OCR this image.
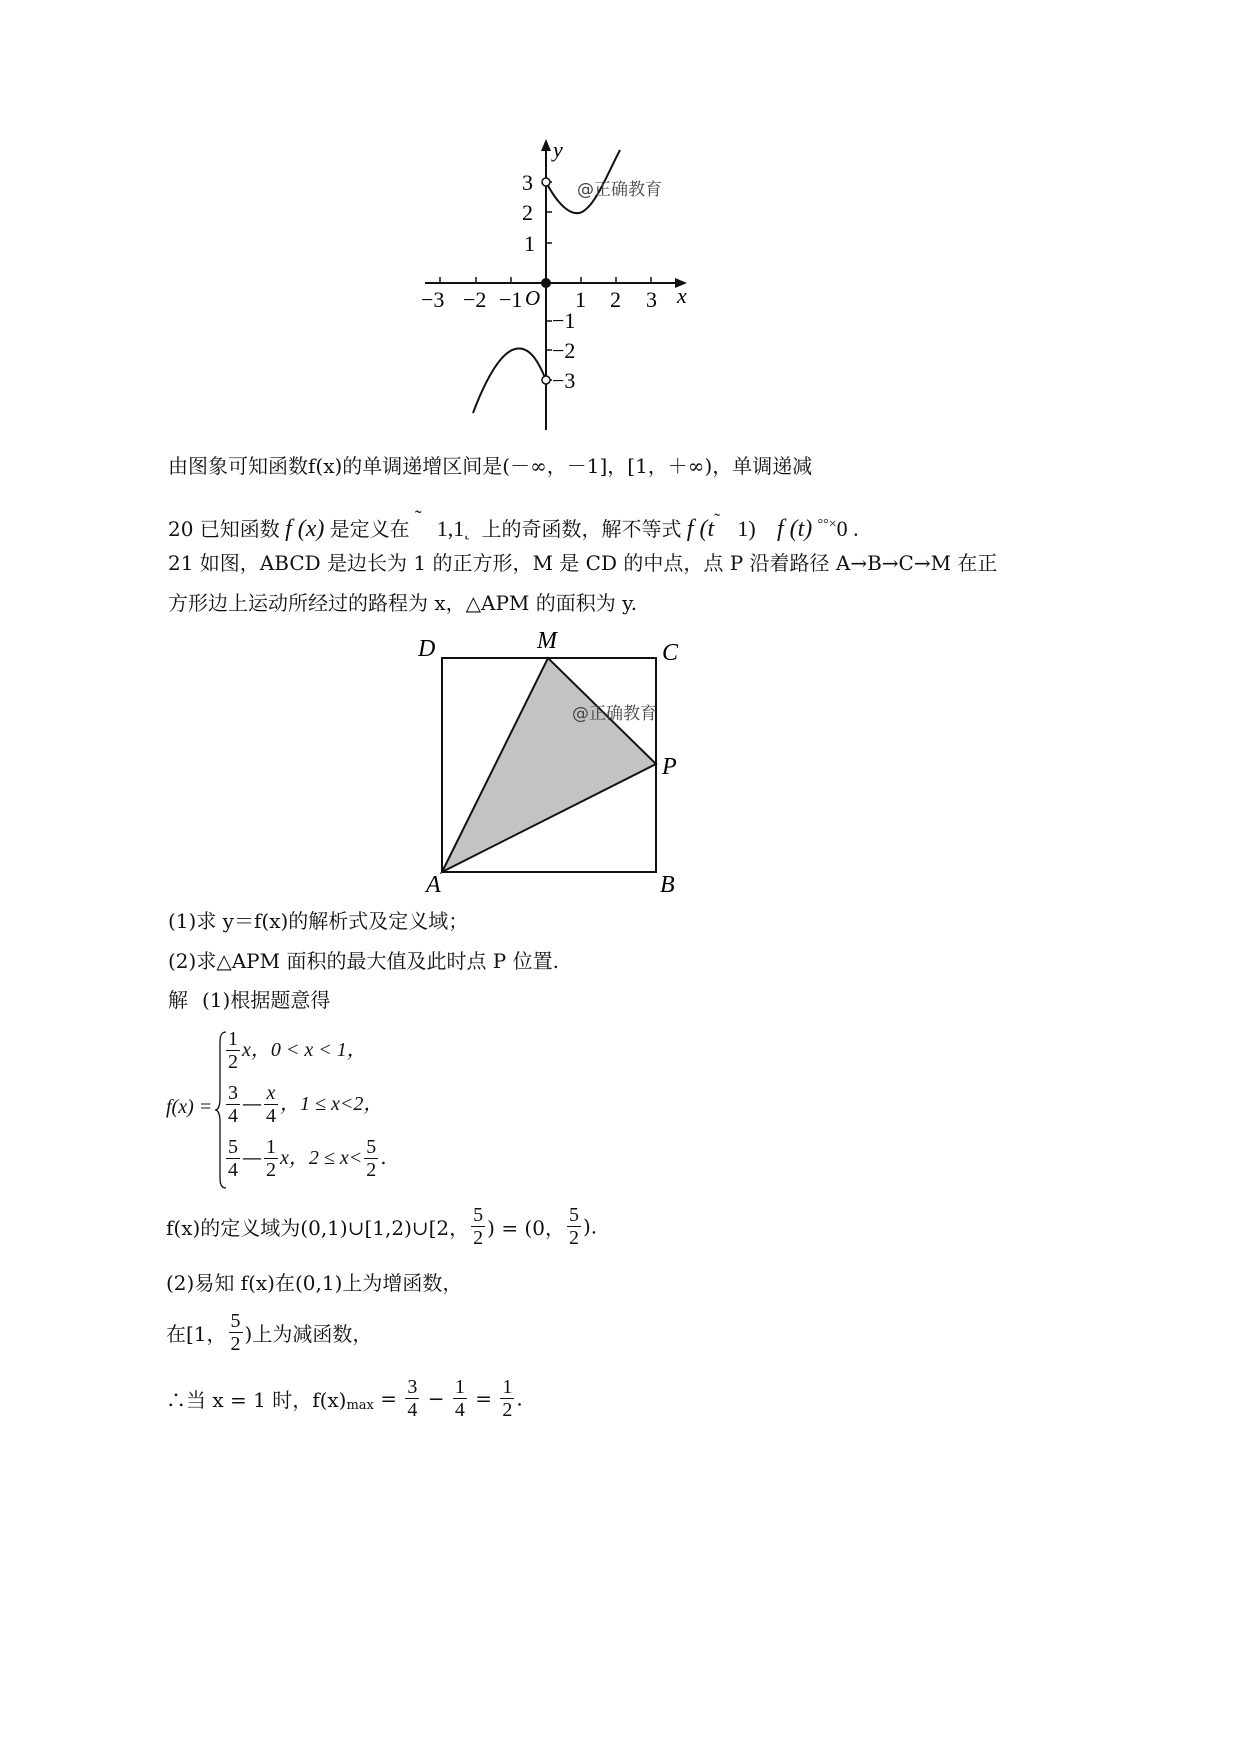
y
x
O
−3 −2 −1 1 2 3
3
2
1
−1
−2
−3
@正确教育
由图象可知函数f(x)的单调递增区间是(－∞，－1]，[1，＋∞)，单调递减
20 已知函数 f (x) 是定义在 ˜ 1,1˛ 上的奇函数，解不等式 f (t˜ 1) f (t) °°×0 .
21 如图，ABCD 是边长为 1 的正方形，M 是 CD 的中点，点 P 沿着路径 A→B→C→M 在正
方形边上运动所经过的路程为 x，△APM 的面积为 y.
D	M	C
P
A	B
@正确教育
(1)求 y＝f(x)的解析式及定义域；
(2)求△APM 面积的最大值及此时点 P 位置.
解 (1)根据题意得
f(x) =
$\frac{1}{2}$ x，0 < x < 1，
$\frac{3}{4}$ — $\frac{x}{4}$ ，1 ≤ x<2，
$\frac{5}{4}$ — $\frac{1}{2}$ x，$2 \le x< \frac{5}{2}$ .
f(x)的定义域为(0,1)∪[1,2)∪[2， $\frac{5}{2}$ ) = (0， $\frac{5}{2}$ ).
(2)易知 f(x)在(0,1)上为增函数，
在[1， $\frac{5}{2}$ )上为减函数，
∴当 x = 1 时，$f(x)_{max} = \frac{3}{4} - \frac{1}{4} = \frac{1}{2}$ .
